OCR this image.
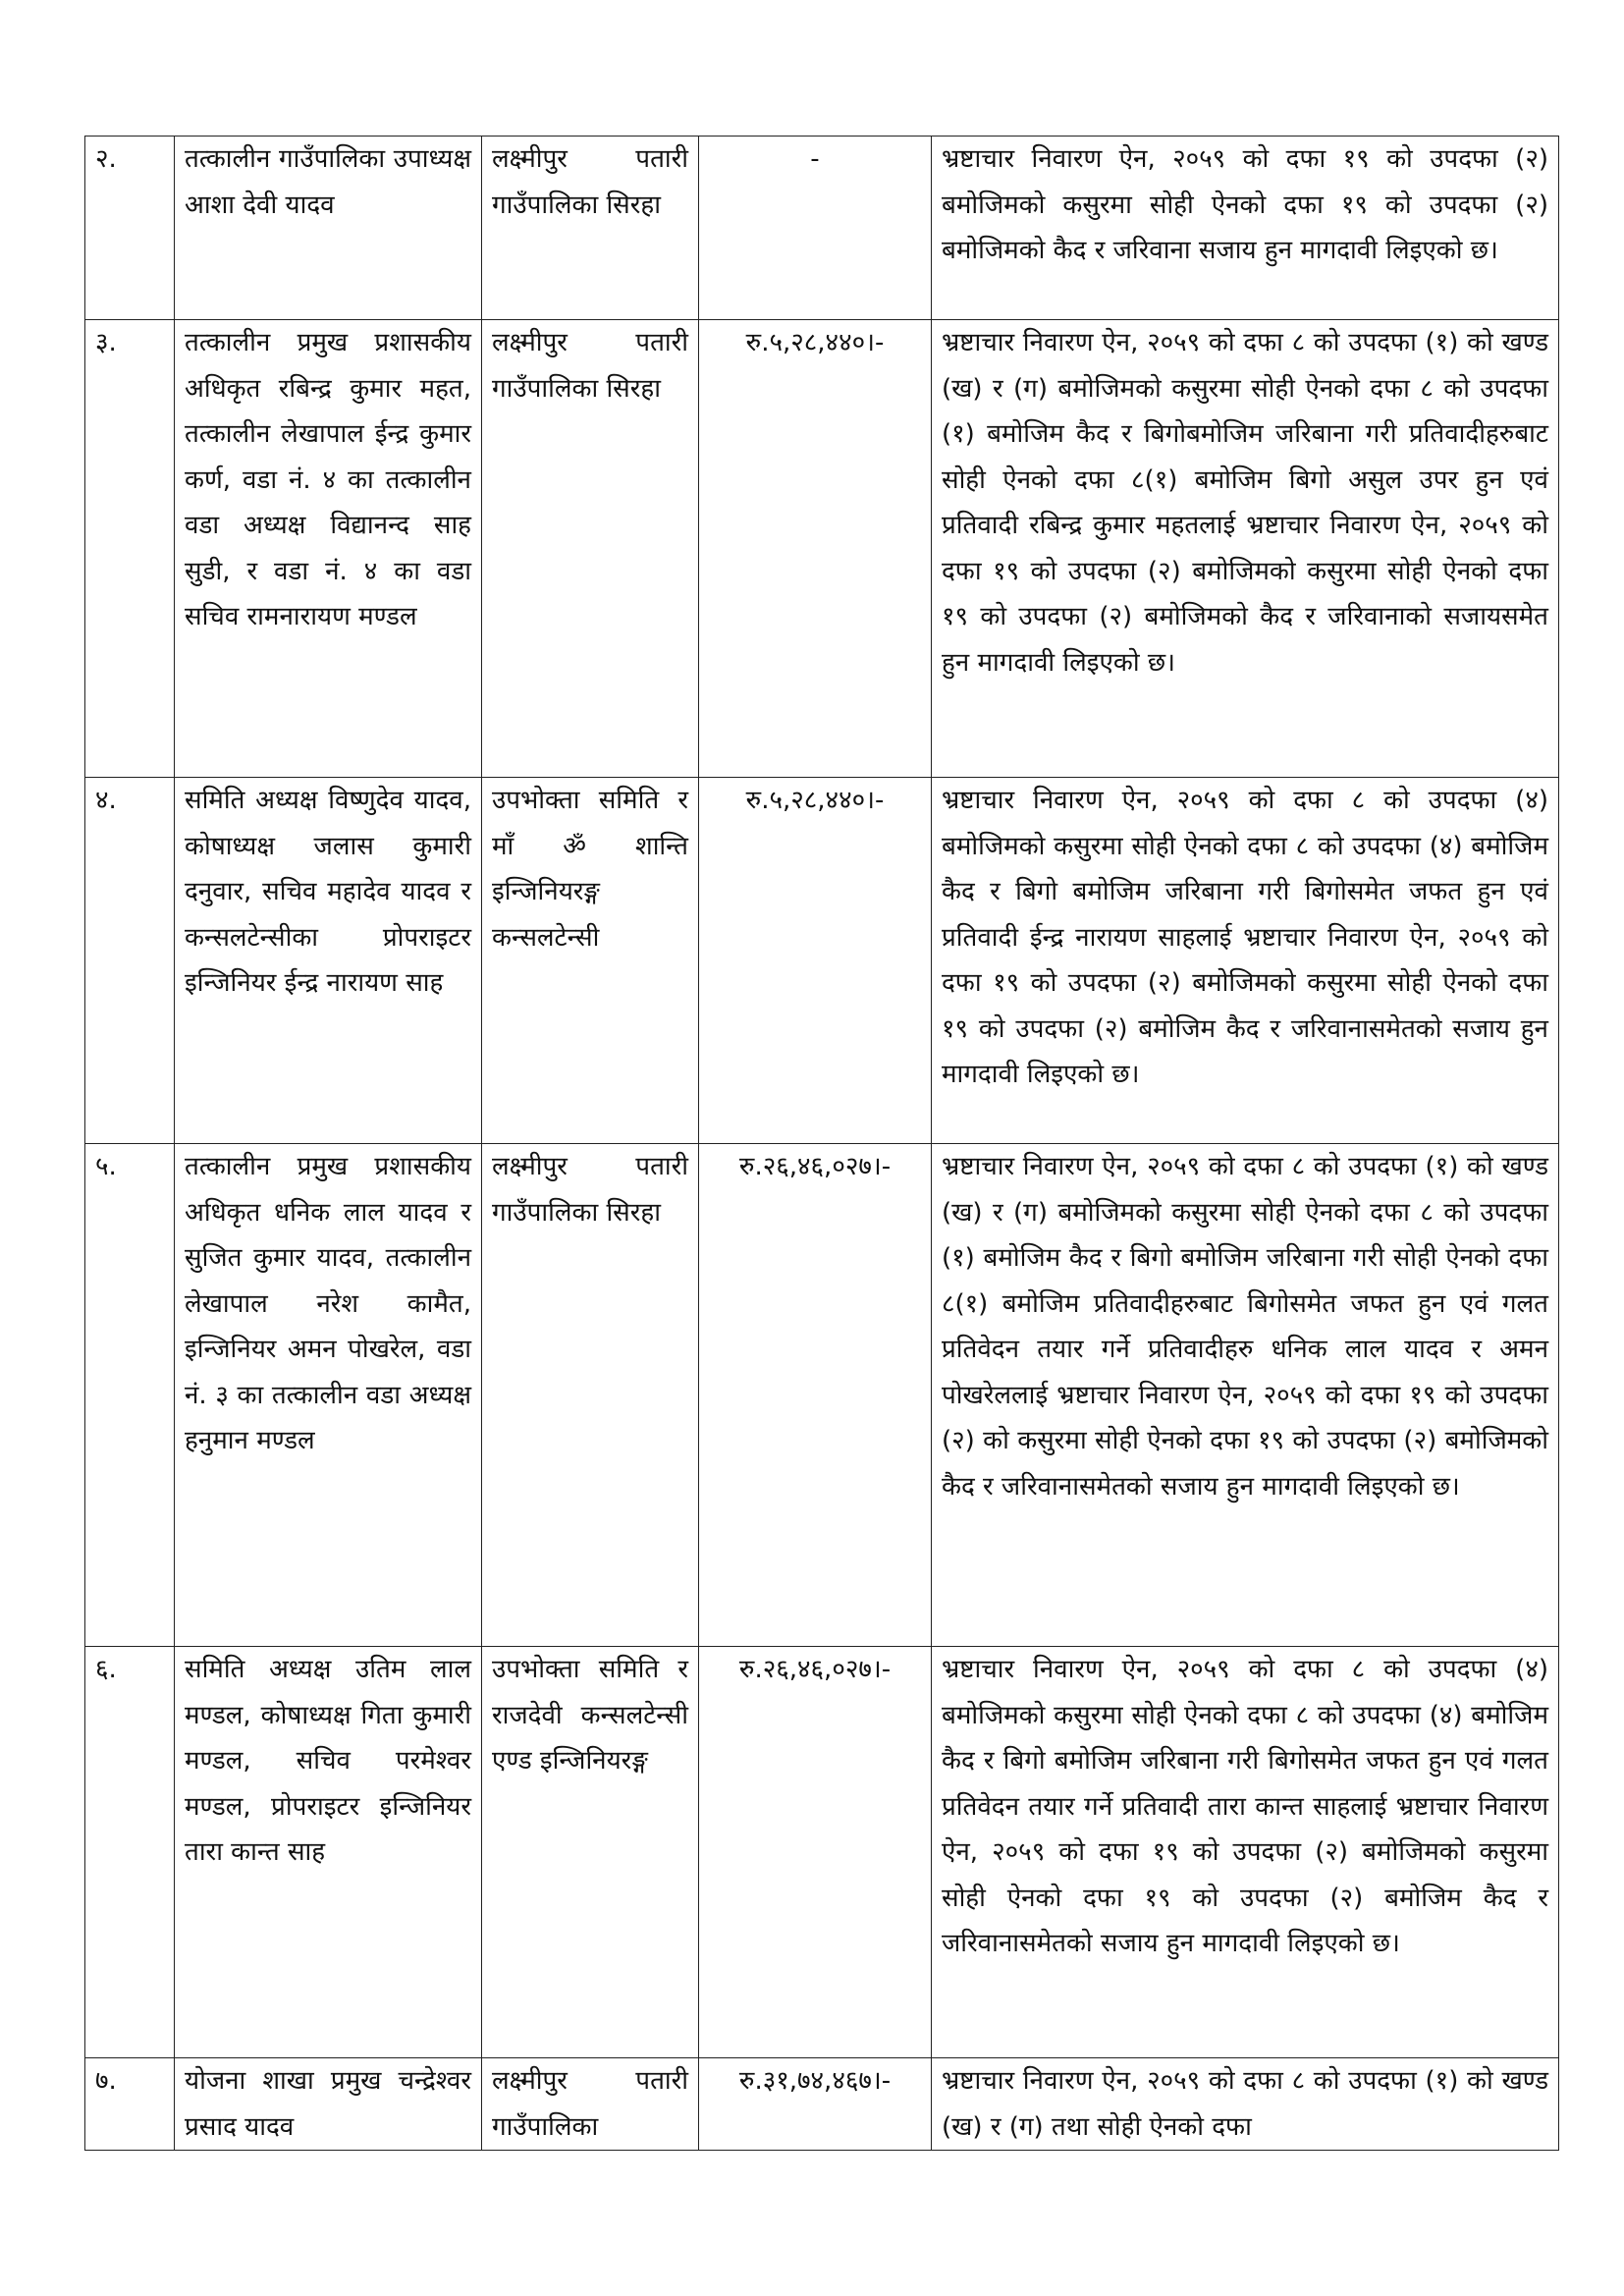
२.	तत्कालीन गाउँपालिका उपाध्यक्ष आशा देवी यादव	लक्ष्मीपुर पतारी गाउँपालिका सिरहा	-	भ्रष्टाचार निवारण ऐन, २०५९ को दफा १९ को उपदफा (२) बमोजिमको कसुरमा सोही ऐनको दफा १९ को उपदफा (२) बमोजिमको कैद र जरिवाना सजाय हुन मागदावी लिइएको छ।
३.	तत्कालीन प्रमुख प्रशासकीय अधिकृत रबिन्द्र कुमार महत, तत्कालीन लेखापाल ईन्द्र कुमार कर्ण, वडा नं. ४ का तत्कालीन वडा अध्यक्ष विद्यानन्द साह सुडी, र वडा नं. ४ का वडा सचिव रामनारायण मण्डल	लक्ष्मीपुर पतारी गाउँपालिका सिरहा	रु.५,२८,४४०।-	भ्रष्टाचार निवारण ऐन, २०५९ को दफा ८ को उपदफा (१) को खण्ड (ख) र (ग) बमोजिमको कसुरमा सोही ऐनको दफा ८ को उपदफा (१) बमोजिम कैद र बिगोबमोजिम जरिबाना गरी प्रतिवादीहरुबाट सोही ऐनको दफा ८(१) बमोजिम बिगो असुल उपर हुन एवं प्रतिवादी रबिन्द्र कुमार महतलाई भ्रष्टाचार निवारण ऐन, २०५९ को दफा १९ को उपदफा (२) बमोजिमको कसुरमा सोही ऐनको दफा १९ को उपदफा (२) बमोजिमको कैद र जरिवानाको सजायसमेत हुन मागदावी लिइएको छ।
४.	समिति अध्यक्ष विष्णुदेव यादव, कोषाध्यक्ष जलास कुमारी दनुवार, सचिव महादेव यादव र कन्सलटेन्सीका प्रोपराइटर इन्जिनियर ईन्द्र नारायण साह	उपभोक्ता समिति र माँ ॐ शान्ति इन्जिनियरङ्ग कन्सलटेन्सी	रु.५,२८,४४०।-	भ्रष्टाचार निवारण ऐन, २०५९ को दफा ८ को उपदफा (४) बमोजिमको कसुरमा सोही ऐनको दफा ८ को उपदफा (४) बमोजिम कैद र बिगो बमोजिम जरिबाना गरी बिगोसमेत जफत हुन एवं प्रतिवादी ईन्द्र नारायण साहलाई भ्रष्टाचार निवारण ऐन, २०५९ को दफा १९ को उपदफा (२) बमोजिमको कसुरमा सोही ऐनको दफा १९ को उपदफा (२) बमोजिम कैद र जरिवानासमेतको सजाय हुन मागदावी लिइएको छ।
५.	तत्कालीन प्रमुख प्रशासकीय अधिकृत धनिक लाल यादव र सुजित कुमार यादव, तत्कालीन लेखापाल नरेश कामैत, इन्जिनियर अमन पोखरेल, वडा नं. ३ का तत्कालीन वडा अध्यक्ष हनुमान मण्डल	लक्ष्मीपुर पतारी गाउँपालिका सिरहा	रु.२६,४६,०२७।-	भ्रष्टाचार निवारण ऐन, २०५९ को दफा ८ को उपदफा (१) को खण्ड (ख) र (ग) बमोजिमको कसुरमा सोही ऐनको दफा ८ को उपदफा (१) बमोजिम कैद र बिगो बमोजिम जरिबाना गरी सोही ऐनको दफा ८(१) बमोजिम प्रतिवादीहरुबाट बिगोसमेत जफत हुन एवं गलत प्रतिवेदन तयार गर्ने प्रतिवादीहरु धनिक लाल यादव र अमन पोखरेललाई भ्रष्टाचार निवारण ऐन, २०५९ को दफा १९ को उपदफा (२) को कसुरमा सोही ऐनको दफा १९ को उपदफा (२) बमोजिमको कैद र जरिवानासमेतको सजाय हुन मागदावी लिइएको छ।
६.	समिति अध्यक्ष उतिम लाल मण्डल, कोषाध्यक्ष गिता कुमारी मण्डल, सचिव परमेश्वर मण्डल, प्रोपराइटर इन्जिनियर तारा कान्त साह	उपभोक्ता समिति र राजदेवी कन्सलटेन्सी एण्ड इन्जिनियरङ्ग	रु.२६,४६,०२७।-	भ्रष्टाचार निवारण ऐन, २०५९ को दफा ८ को उपदफा (४) बमोजिमको कसुरमा सोही ऐनको दफा ८ को उपदफा (४) बमोजिम कैद र बिगो बमोजिम जरिबाना गरी बिगोसमेत जफत हुन एवं गलत प्रतिवेदन तयार गर्ने प्रतिवादी तारा कान्त साहलाई भ्रष्टाचार निवारण ऐन, २०५९ को दफा १९ को उपदफा (२) बमोजिमको कसुरमा सोही ऐनको दफा १९ को उपदफा (२) बमोजिम कैद र जरिवानासमेतको सजाय हुन मागदावी लिइएको छ।
७.	योजना शाखा प्रमुख चन्द्रेश्वर प्रसाद यादव	लक्ष्मीपुर पतारी गाउँपालिका	रु.३१,७४,४६७।-	भ्रष्टाचार निवारण ऐन, २०५९ को दफा ८ को उपदफा (१) को खण्ड (ख) र (ग) तथा सोही ऐनको दफा
